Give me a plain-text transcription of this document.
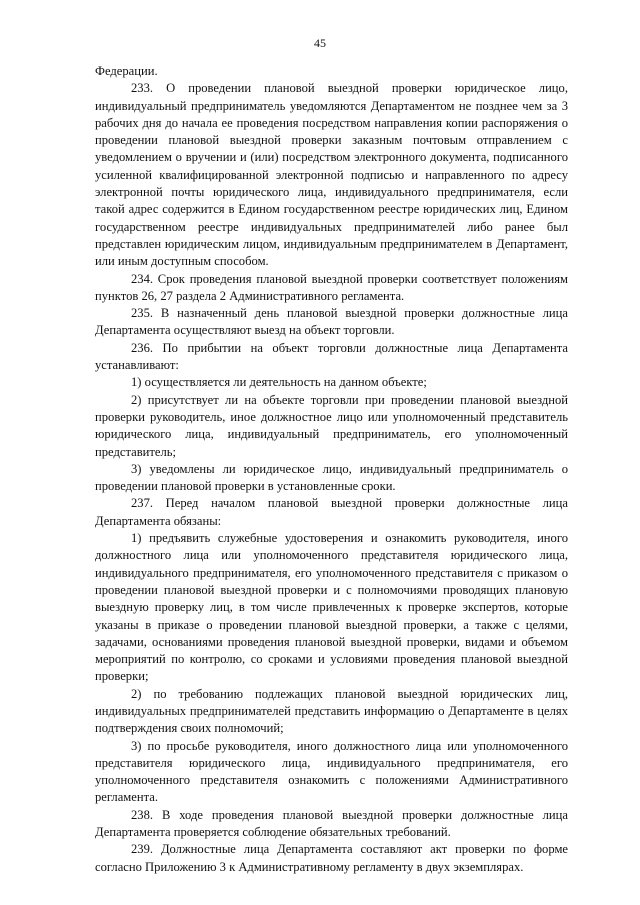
45

Федерации.

233. О проведении плановой выездной проверки юридическое лицо, индивидуальный предприниматель уведомляются Департаментом не позднее чем за 3 рабочих дня до начала ее проведения посредством направления копии распоряжения о проведении плановой выездной проверки заказным почтовым отправлением с уведомлением о вручении и (или) посредством электронного документа, подписанного усиленной квалифицированной электронной подписью и направленного по адресу электронной почты юридического лица, индивидуального предпринимателя, если такой адрес содержится в Едином государственном реестре юридических лиц, Едином государственном реестре индивидуальных предпринимателей либо ранее был представлен юридическим лицом, индивидуальным предпринимателем в Департамент, или иным доступным способом.

234. Срок проведения плановой выездной проверки соответствует положениям пунктов 26, 27 раздела 2 Административного регламента.

235. В назначенный день плановой выездной проверки должностные лица Департамента осуществляют выезд на объект торговли.

236. По прибытии на объект торговли должностные лица Департамента устанавливают:

1) осуществляется ли деятельность на данном объекте;

2) присутствует ли на объекте торговли при проведении плановой выездной проверки руководитель, иное должностное лицо или уполномоченный представитель юридического лица, индивидуальный предприниматель, его уполномоченный представитель;

3) уведомлены ли юридическое лицо, индивидуальный предприниматель о проведении плановой проверки в установленные сроки.

237. Перед началом плановой выездной проверки должностные лица Департамента обязаны:

1) предъявить служебные удостоверения и ознакомить руководителя, иного должностного лица или уполномоченного представителя юридического лица, индивидуального предпринимателя, его уполномоченного представителя с приказом о проведении плановой выездной проверки и с полномочиями проводящих плановую выездную проверку лиц, в том числе привлеченных к проверке экспертов, которые указаны в приказе о проведении плановой выездной проверки, а также с целями, задачами, основаниями проведения плановой выездной проверки, видами и объемом мероприятий по контролю, со сроками и условиями проведения плановой выездной проверки;

2) по требованию подлежащих плановой выездной юридических лиц, индивидуальных предпринимателей представить информацию о Департаменте в целях подтверждения своих полномочий;

3) по просьбе руководителя, иного должностного лица или уполномоченного представителя юридического лица, индивидуального предпринимателя, его уполномоченного представителя ознакомить с положениями Административного регламента.

238. В ходе проведения плановой выездной проверки должностные лица Департамента проверяется соблюдение обязательных требований.

239. Должностные лица Департамента составляют акт проверки по форме согласно Приложению 3 к Административному регламенту в двух экземплярах.
